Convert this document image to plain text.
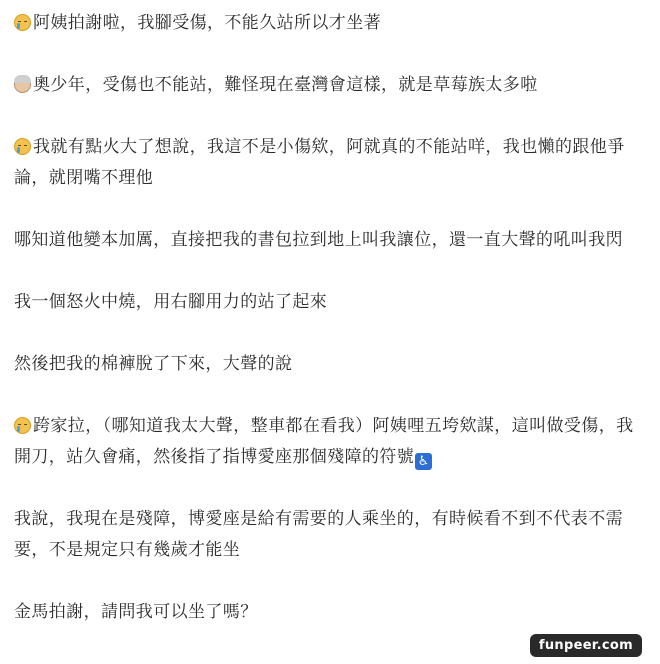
阿姨拍謝啦，我腳受傷，不能久站所以才坐著

奧少年，受傷也不能站，難怪現在臺灣會這樣，就是草莓族太多啦

我就有點火大了想說，我這不是小傷欸，阿就真的不能站咩，我也懶的跟他爭論，就閉嘴不理他

哪知道他變本加厲，直接把我的書包拉到地上叫我讓位，還一直大聲的吼叫我閃

我一個怒火中燒，用右腳用力的站了起來

然後把我的棉褲脫了下來，大聲的說

跨家拉，（哪知道我太大聲，整車都在看我）阿姨哩五垮欸謀，這叫做受傷，我開刀，站久會痛，然後指了指博愛座那個殘障的符號 ♿

我說，我現在是殘障，博愛座是給有需要的人乘坐的，有時候看不到不代表不需要，不是規定只有幾歲才能坐

金馬拍謝，請問我可以坐了嗎？

funpeer.com
